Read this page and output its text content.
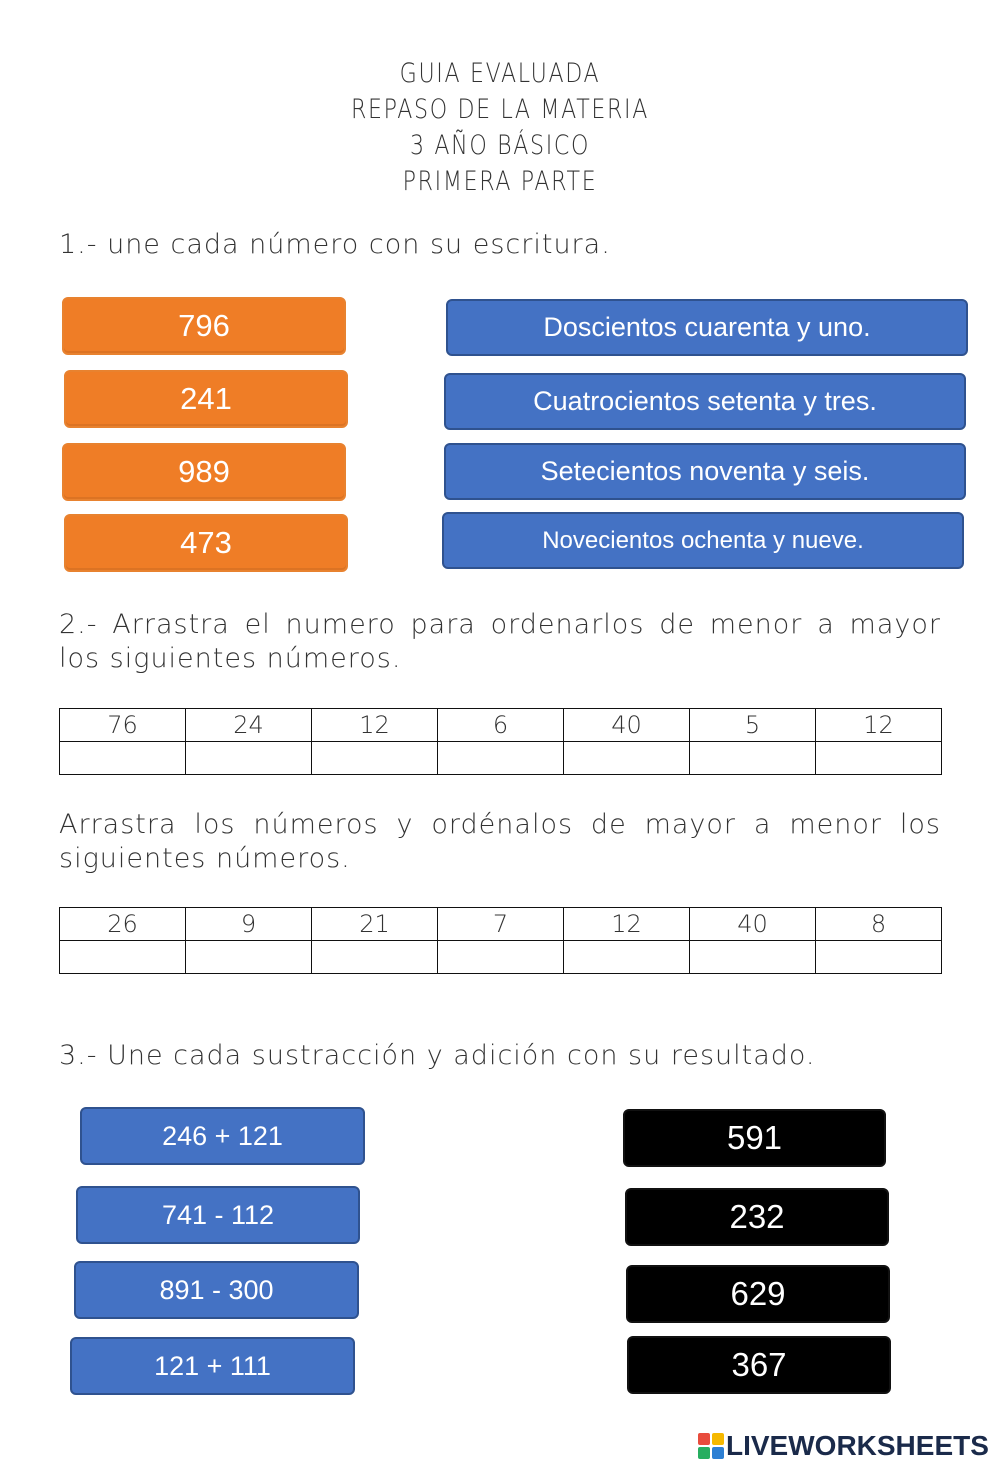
GUIA EVALUADA
REPASO DE LA MATERIA
3 AÑO BÁSICO
PRIMERA PARTE
1.- une cada número con su escritura.
796
241
989
473
Doscientos cuarenta y uno.
Cuatrocientos setenta y tres.
Setecientos noventa y seis.
Novecientos ochenta y nueve.
2.- Arrastra el numero para ordenarlos de menor a mayor los siguientes números.
76	24	12	6	40	5	12

Arrastra los números y ordénalos de mayor a menor los siguientes números.
26	9	21	7	12	40	8

3.- Une cada sustracción y adición con su resultado.
246 + 121
741 - 112
891 - 300
121 + 111
591
232
629
367
LIVEWORKSHEETS
